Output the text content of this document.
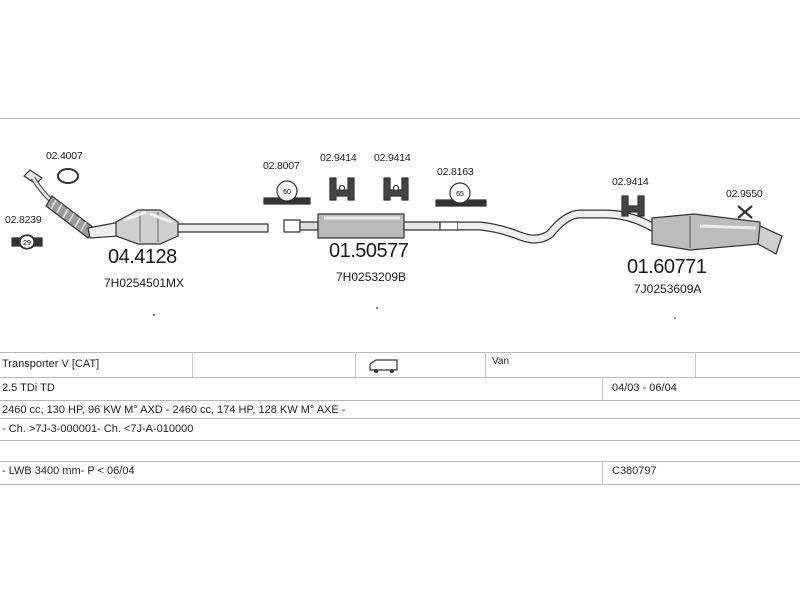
60	65
29
02.4007
02.8239
02.8007
02.9414 02.9414
02.8163
02.9414
02.9550
04.4128
7H0254501MX
01.50577
7H0253209B	01.60771
7J0253609A
Transporter V [CAT]	Van
2.5 TDi TD	04/03 - 06/04
2460 cc, 130 HP, 96 KW M° AXD - 2460 cc, 174 HP, 128 KW M° AXE -
- Ch. >7J-3-000001- Ch. <7J-A-010000
- LWB 3400 mm- P < 06/04	C380797
